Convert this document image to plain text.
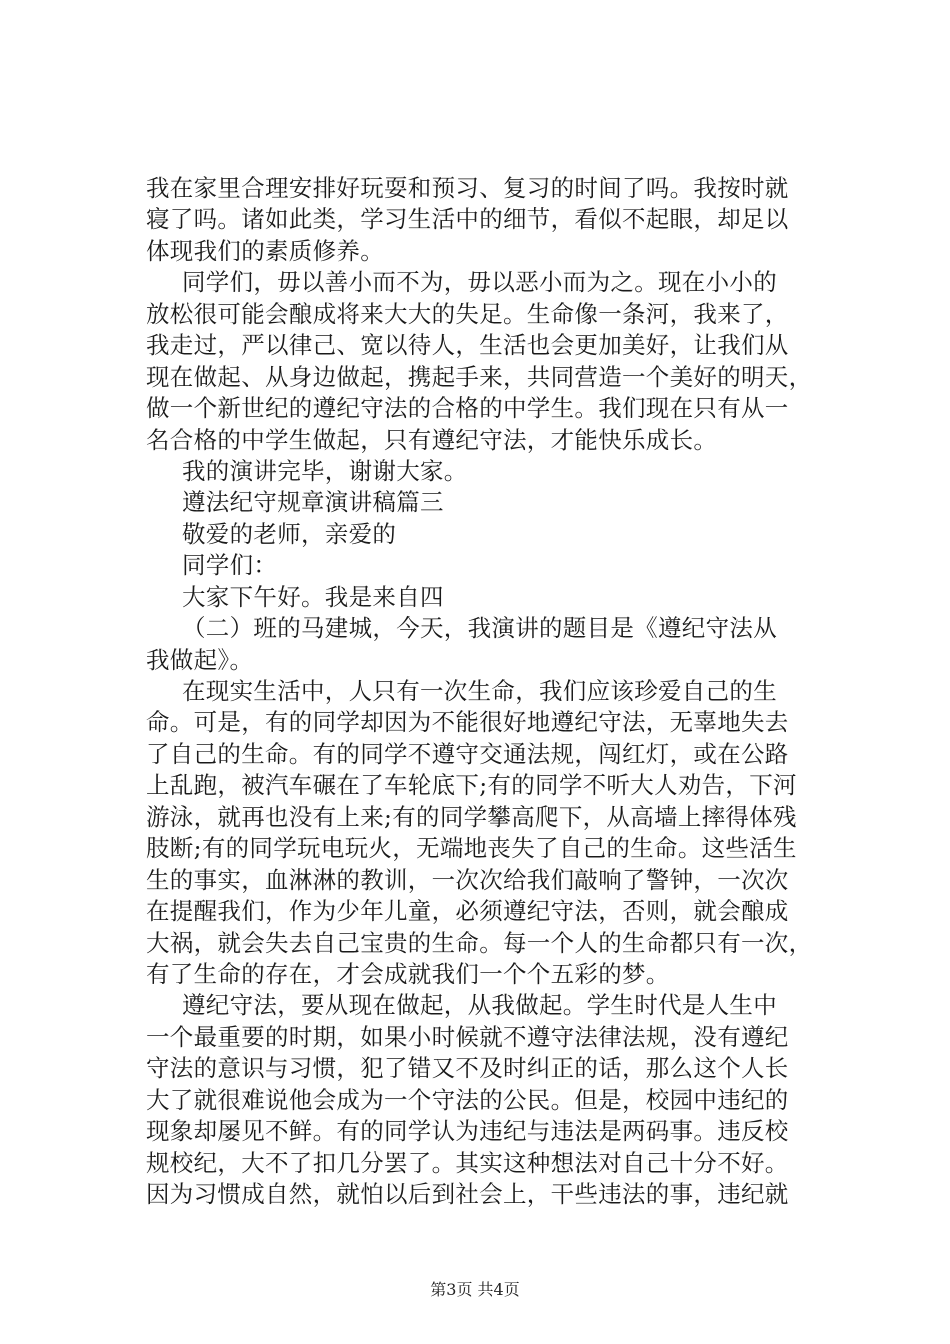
我在家里合理安排好玩耍和预习、复习的时间了吗。我按时就
寝了吗。诸如此类，学习生活中的细节，看似不起眼，却足以
体现我们的素质修养。
同学们，毋以善小而不为，毋以恶小而为之。现在小小的
放松很可能会酿成将来大大的失足。生命像一条河，我来了，
我走过，严以律己、宽以待人，生活也会更加美好，让我们从
现在做起、从身边做起，携起手来，共同营造一个美好的明天，
做一个新世纪的遵纪守法的合格的中学生。我们现在只有从一
名合格的中学生做起，只有遵纪守法，才能快乐成长。
我的演讲完毕，谢谢大家。
遵法纪守规章演讲稿篇三
敬爱的老师，亲爱的
同学们：
大家下午好。我是来自四
（二）班的马建城，今天，我演讲的题目是《遵纪守法从
我做起》。
在现实生活中，人只有一次生命，我们应该珍爱自己的生
命。可是，有的同学却因为不能很好地遵纪守法，无辜地失去
了自己的生命。有的同学不遵守交通法规，闯红灯，或在公路
上乱跑，被汽车碾在了车轮底下;有的同学不听大人劝告，下河
游泳，就再也没有上来;有的同学攀高爬下，从高墙上摔得体残
肢断;有的同学玩电玩火，无端地丧失了自己的生命。这些活生
生的事实，血淋淋的教训，一次次给我们敲响了警钟，一次次
在提醒我们，作为少年儿童，必须遵纪守法，否则，就会酿成
大祸，就会失去自己宝贵的生命。每一个人的生命都只有一次，
有了生命的存在，才会成就我们一个个五彩的梦。
遵纪守法，要从现在做起，从我做起。学生时代是人生中
一个最重要的时期，如果小时候就不遵守法律法规，没有遵纪
守法的意识与习惯，犯了错又不及时纠正的话，那么这个人长
大了就很难说他会成为一个守法的公民。但是，校园中违纪的
现象却屡见不鲜。有的同学认为违纪与违法是两码事。违反校
规校纪，大不了扣几分罢了。其实这种想法对自己十分不好。
因为习惯成自然，就怕以后到社会上，干些违法的事，违纪就
第3页 共4页
